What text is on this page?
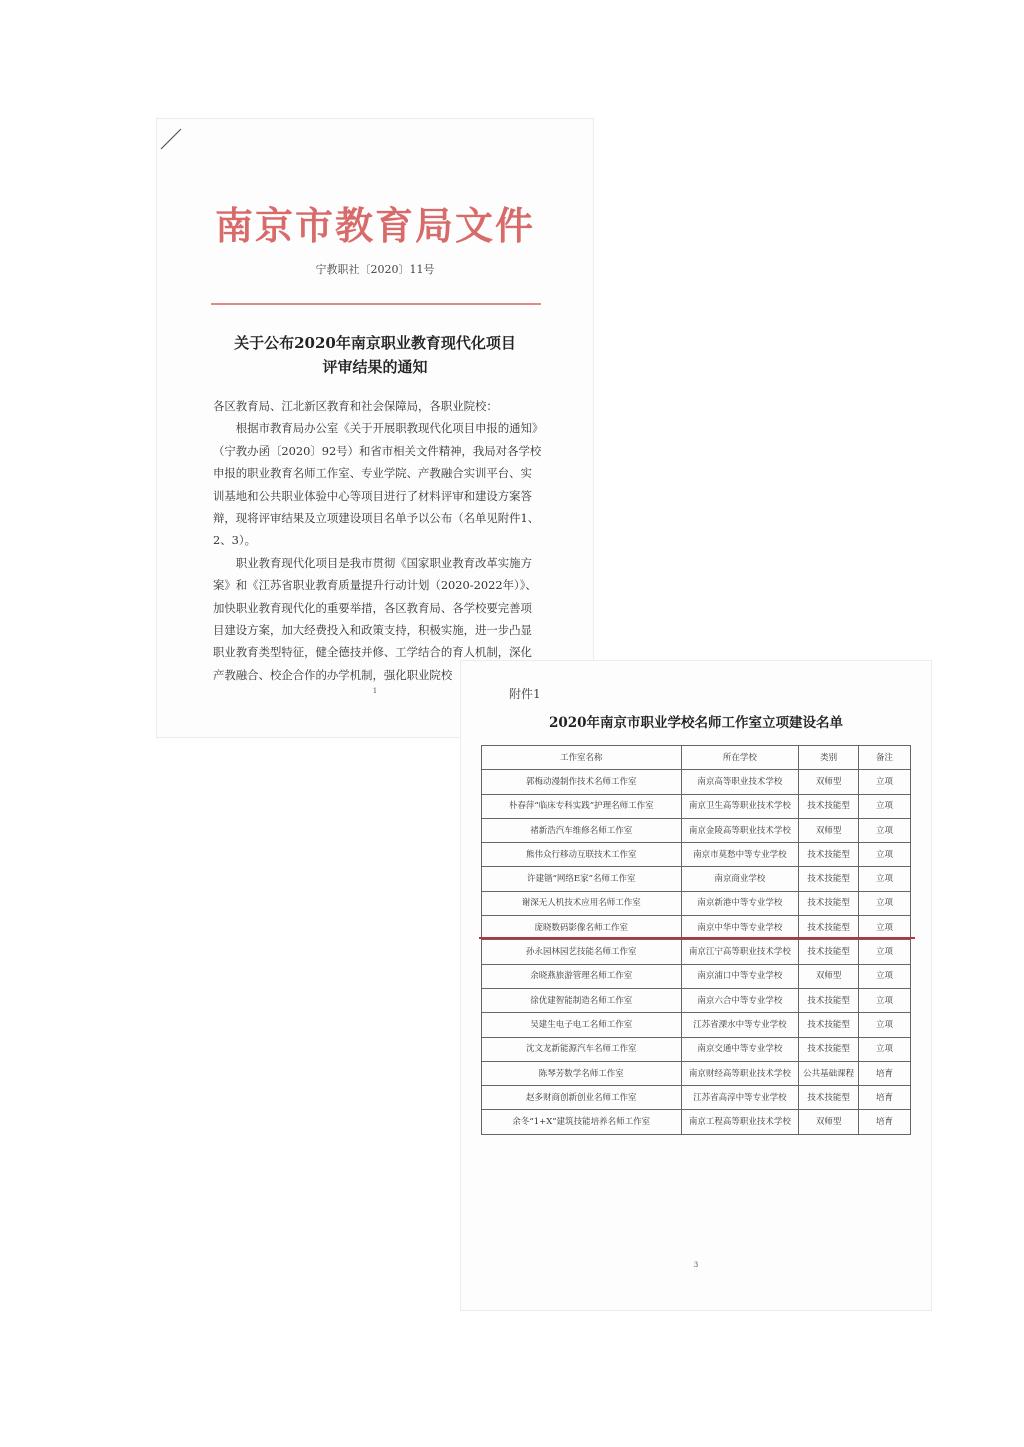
南京市教育局文件
宁教职社〔2020〕11号
关于公布2020年南京职业教育现代化项目
评审结果的通知

各区教育局、江北新区教育和社会保障局，各职业院校：

根据市教育局办公室《关于开展职教现代化项目申报的通知》（宁教办函〔2020〕92号）和省市相关文件精神，我局对各学校申报的职业教育名师工作室、专业学院、产教融合实训平台、实训基地和公共职业体验中心等项目进行了材料评审和建设方案答辩，现将评审结果及立项建设项目名单予以公布（名单见附件1、2、3）。

职业教育现代化项目是我市贯彻《国家职业教育改革实施方案》和《江苏省职业教育质量提升行动计划（2020-2022年）》、加快职业教育现代化的重要举措，各区教育局、各学校要完善项目建设方案，加大经费投入和政策支持，积极实施，进一步凸显职业教育类型特征，健全德技并修、工学结合的育人机制，深化产教融合、校企合作的办学机制，强化职业院校

1	附件1
2020年南京市职业学校名师工作室立项建设名单
工作室名称	所在学校	类别	备注
郭梅动漫制作技术名师工作室	南京高等职业技术学校	双师型	立项
朴春萍“临床专科实践”护理名师工作室	南京卫生高等职业技术学校	技术技能型	立项
褚新浩汽车维修名师工作室	南京金陵高等职业技术学校	双师型	立项
熊伟众行移动互联技术工作室	南京市莫愁中等专业学校	技术技能型	立项
许建锴“网络E家”名师工作室	南京商业学校	技术技能型	立项
谢深无人机技术应用名师工作室	南京新港中等专业学校	技术技能型	立项
庞晓数码影像名师工作室	南京中华中等专业学校	技术技能型	立项
孙永园林园艺技能名师工作室	南京江宁高等职业技术学校	技术技能型	立项
余晓燕旅游管理名师工作室	南京浦口中等专业学校	双师型	立项
徐优建智能制造名师工作室	南京六合中等专业学校	技术技能型	立项
吴建生电子电工名师工作室	江苏省溧水中等专业学校	技术技能型	立项
沈文龙新能源汽车名师工作室	南京交通中等专业学校	技术技能型	立项
陈琴芳数学名师工作室	南京财经高等职业技术学校	公共基础课程	培育
赵多财商创新创业名师工作室	江苏省高淳中等专业学校	技术技能型	培育
余冬“1+X”建筑技能培养名师工作室	南京工程高等职业技术学校	双师型	培育
3
